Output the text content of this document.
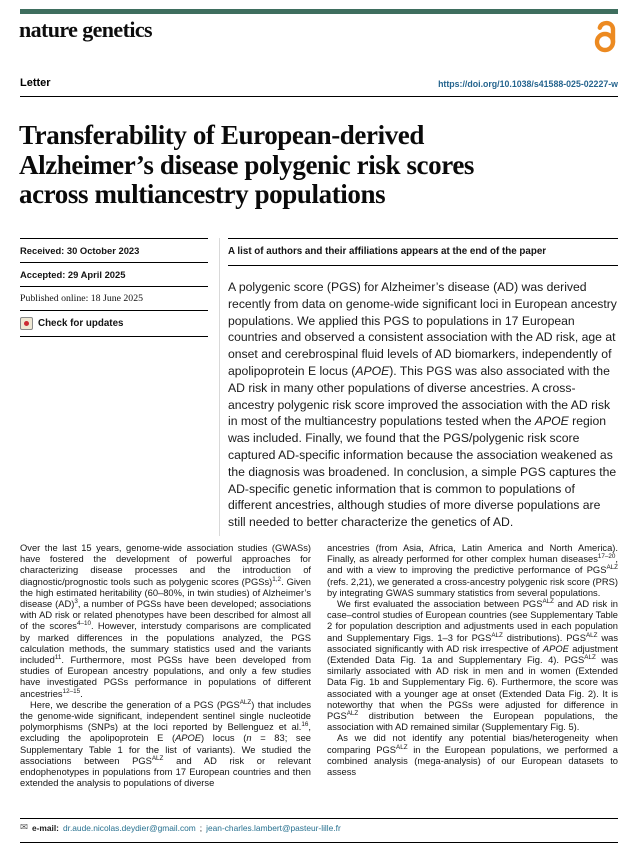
nature genetics
Letter	https://doi.org/10.1038/s41588-025-02227-w
Transferability of European-derived
Alzheimer’s disease polygenic risk scores
across multiancestry populations
Received: 30 October 2023
Accepted: 29 April 2025
Published online: 18 June 2025
Check for updates
A list of authors and their affiliations appears at the end of the paper
A polygenic score (PGS) for Alzheimer’s disease (AD) was derived recently from data on genome-wide significant loci in European ancestry populations. We applied this PGS to populations in 17 European countries and observed a consistent association with the AD risk, age at onset and cerebrospinal fluid levels of AD biomarkers, independently of apolipoprotein E locus (APOE). This PGS was also associated with the AD risk in many other populations of diverse ancestries. A cross-ancestry polygenic risk score improved the association with the AD risk in most of the multiancestry populations tested when the APOE region was included. Finally, we found that the PGS/polygenic risk score captured AD-specific information because the association weakened as the diagnosis was broadened. In conclusion, a simple PGS captures the AD-specific genetic information that is common to populations of different ancestries, although studies of more diverse populations are still needed to better characterize the genetics of AD.

Over the last 15 years, genome-wide association studies (GWASs) have fostered the development of powerful approaches for characterizing disease processes and the introduction of diagnostic/prognostic tools such as polygenic scores (PGSs)$^{1,2}$. Given the high estimated heritability (60–80%, in twin studies) of Alzheimer’s disease (AD)$^3$, a number of PGSs have been developed; associations with AD risk or related phenotypes have been described for almost all of the scores$^{4-10}$. However, interstudy comparisons are complicated by marked differences in the populations analyzed, the PGS calculation methods, the summary statistics used and the variants included$^{11}$. Furthermore, most PGSs have been developed from studies of European ancestry populations, and only a few studies have investigated PGSs performance in populations of different ancestries$^{12-15}$.

Here, we describe the generation of a PGS $(PGS^{ALZ})$ that includes the genome-wide significant, independent sentinel single nucleotide polymorphisms (SNPs) at the loci reported by Bellenguez et al.$^{16}$, excluding the apolipoprotein E (APOE) locus (n = 83; see Supplementary Table 1 for the list of variants). We studied the associations between $PGS^{ALZ}$ and AD risk or relevant endophenotypes in populations from 17 European countries and then extended the analysis to populations of diverse

ancestries (from Asia, Africa, Latin America and North America). Finally, as already performed for other complex human diseases$^{17-20}$, and with a view to improving the predictive performance of $PGS^{ALZ}$ (refs. 2,21), we generated a cross-ancestry polygenic risk score (PRS) by integrating GWAS summary statistics from several populations.

We first evaluated the association between $PGS^{ALZ}$ and AD risk in case–control studies of European countries (see Supplementary Table 2 for population description and adjustments used in each population and Supplementary Figs. 1–3 for $PGS^{ALZ}$ distributions). $PGS^{ALZ}$ was associated significantly with AD risk irrespective of APOE adjustment (Extended Data Fig. 1a and Supplementary Fig. 4). $PGS^{ALZ}$ was similarly associated with AD risk in men and in women (Extended Data Fig. 1b and Supplementary Fig. 6). Furthermore, the score was associated with a younger age at onset (Extended Data Fig. 2). It is noteworthy that when the PGSs were adjusted for difference in $PGS^{ALZ}$ distribution between the European populations, the association with AD remained similar (Supplementary Fig. 5).

As we did not identify any potential bias/heterogeneity when comparing $PGS^{ALZ}$ in the European populations, we performed a combined analysis (mega-analysis) of our European datasets to assess

✉ e-mail: dr.aude.nicolas.deydier@gmail.com ; jean-charles.lambert@pasteur-lille.fr
